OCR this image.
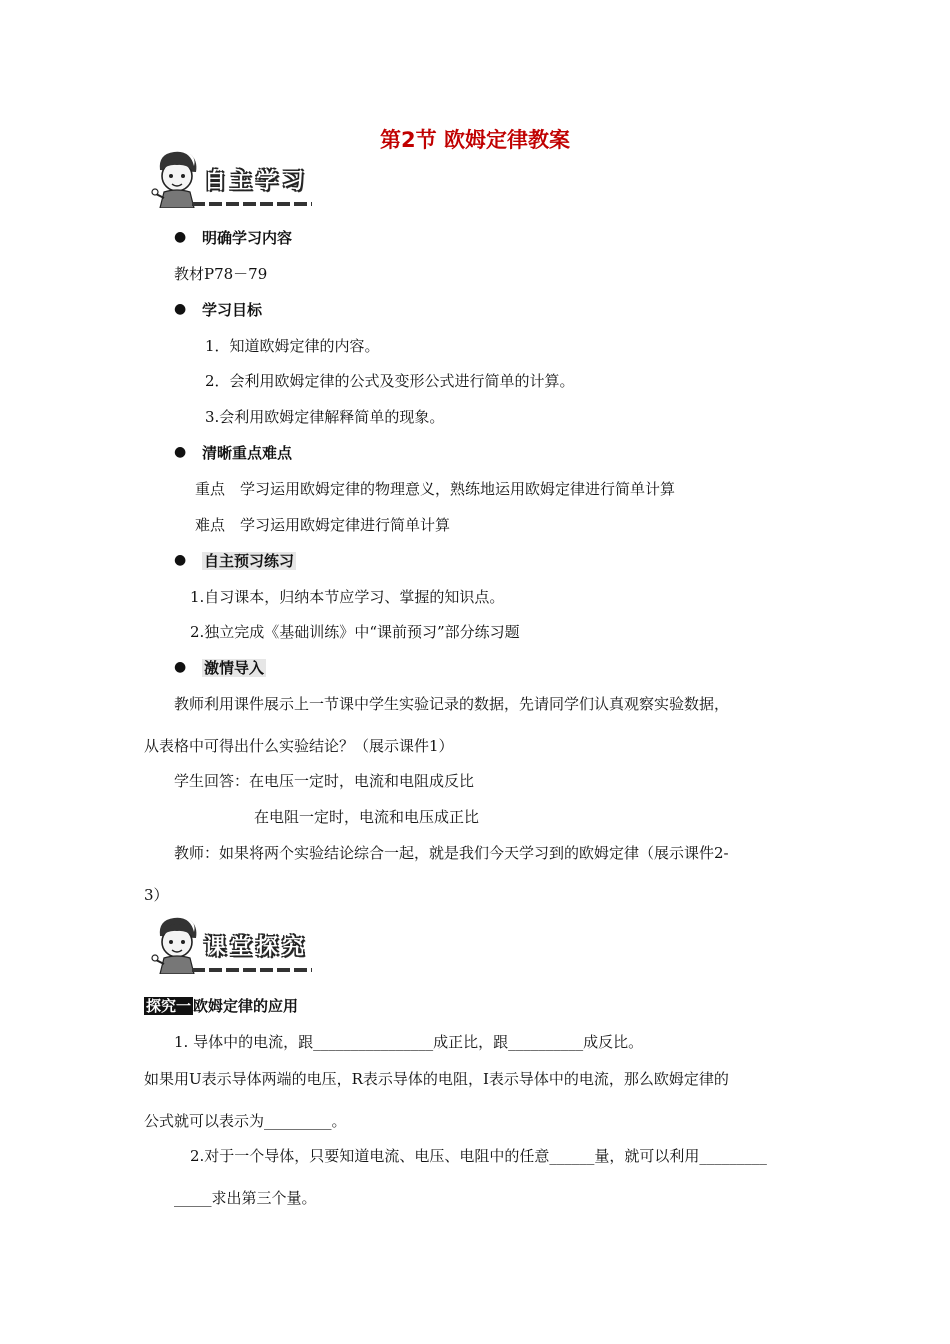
第2节 欧姆定律教案
自主学习
● 明确学习内容
教材P78－79
● 学习目标
1．知道欧姆定律的内容。
2．会利用欧姆定律的公式及变形公式进行简单的计算。
3.会利用欧姆定律解释简单的现象。
● 清晰重点难点
重点　学习运用欧姆定律的物理意义，熟练地运用欧姆定律进行简单计算
难点　学习运用欧姆定律进行简单计算
● 自主预习练习
1.自习课本，归纳本节应学习、掌握的知识点。
2.独立完成《基础训练》中“课前预习”部分练习题
● 激情导入
教师利用课件展示上一节课中学生实验记录的数据，先请同学们认真观察实验数据，
从表格中可得出什么实验结论？（展示课件1）
学生回答：在电压一定时，电流和电阻成反比
在电阻一定时，电流和电压成正比
教师：如果将两个实验结论综合一起，就是我们今天学习到的欧姆定律（展示课件2-
3）
课堂探究
探究一 欧姆定律的应用
1. 导体中的电流，跟________________成正比，跟__________成反比。
如果用U表示导体两端的电压，R表示导体的电阻，I表示导体中的电流，那么欧姆定律的
公式就可以表示为_________。
2.对于一个导体，只要知道电流、电压、电阻中的任意______量，就可以利用_________
_____求出第三个量。
